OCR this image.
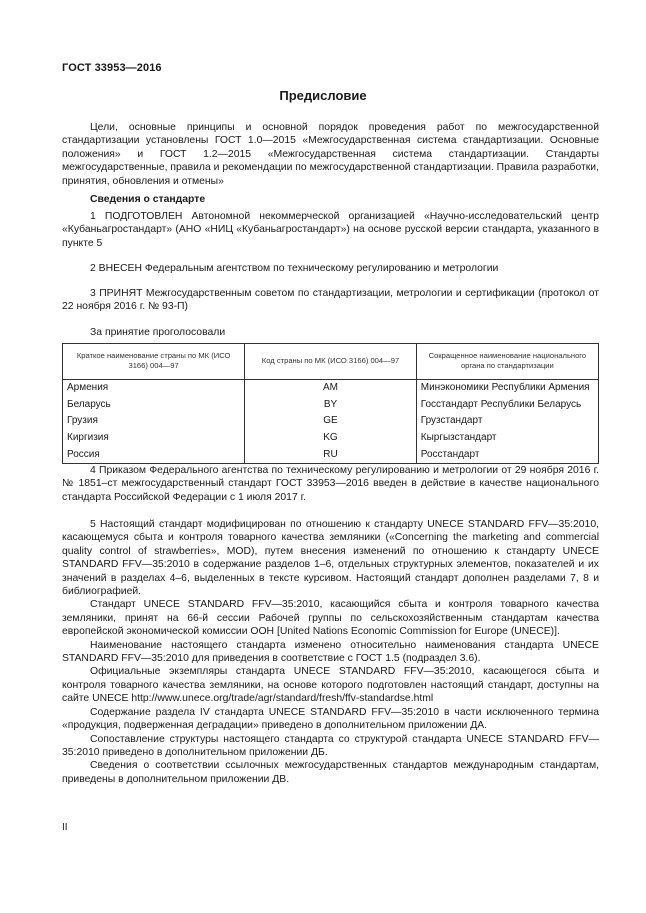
ГОСТ 33953—2016
Предисловие

Цели, основные принципы и основной порядок проведения работ по межгосударственной стандартизации установлены ГОСТ 1.0—2015 «Межгосударственная система стандартизации. Основные положения» и ГОСТ 1.2—2015 «Межгосударственная система стандартизации. Стандарты межгосударственные, правила и рекомендации по межгосударственной стандартизации. Правила разработки, принятия, обновления и отмены»

Сведения о стандарте

1 ПОДГОТОВЛЕН Автономной некоммерческой организацией «Научно-исследовательский центр «Кубаньагростандарт» (АНО «НИЦ «Кубаньагростандарт») на основе русской версии стандарта, указанного в пункте 5

2 ВНЕСЕН Федеральным агентством по техническому регулированию и метрологии

3 ПРИНЯТ Межгосударственным советом по стандартизации, метрологии и сертификации (протокол от 22 ноября 2016 г. № 93-П)

За принятие проголосовали

Краткое наименование страны по МК (ИСО 3166) 004—97	Код страны по МК (ИСО 3166) 004—97	Сокращенное наименование национального органа по стандартизации
Армения	AM	Минэкономики Республики Армения
Беларусь	BY	Госстандарт Республики Беларусь
Грузия	GE	Грузстандарт
Киргизия	KG	Кыргызстандарт
Россия	RU	Росстандарт

4 Приказом Федерального агентства по техническому регулированию и метрологии от 29 ноября 2016 г. № 1851–ст межгосударственный стандарт ГОСТ 33953—2016 введен в действие в качестве национального стандарта Российской Федерации с 1 июля 2017 г.

5 Настоящий стандарт модифицирован по отношению к стандарту UNECE STANDARD FFV—35:2010, касающемуся сбыта и контроля товарного качества земляники («Concerning the marketing and commercial quality control of strawberries», MOD), путем внесения изменений по отношению к стандарту UNECE STANDARD FFV—35:2010 в содержание разделов 1–6, отдельных структурных элементов, показателей и их значений в разделах 4–6, выделенных в тексте курсивом. Настоящий стандарт дополнен разделами 7, 8 и библиографией.

Стандарт UNECE STANDARD FFV—35:2010, касающийся сбыта и контроля товарного качества земляники, принят на 66-й сессии Рабочей группы по сельскохозяйственным стандартам качества европейской экономической комиссии ООН [United Nations Economic Commission for Europe (UNECE)].

Наименование настоящего стандарта изменено относительно наименования стандарта UNECE STANDARD FFV—35:2010 для приведения в соответствие с ГОСТ 1.5 (подраздел 3.6).

Официальные экземпляры стандарта UNECE STANDARD FFV—35:2010, касающегося сбыта и контроля товарного качества земляники, на основе которого подготовлен настоящий стандарт, доступны на сайте UNECE http://www.unece.org/trade/agr/standard/fresh/ffv-standardse.html

Содержание раздела IV стандарта UNECE STANDARD FFV—35:2010 в части исключенного термина «продукция, подверженная деградации» приведено в дополнительном приложении ДА.

Сопоставление структуры настоящего стандарта со структурой стандарта UNECE STANDARD FFV—35:2010 приведено в дополнительном приложении ДБ.

Сведения о соответствии ссылочных межгосударственных стандартов международным стандартам, приведены в дополнительном приложении ДВ.

II
